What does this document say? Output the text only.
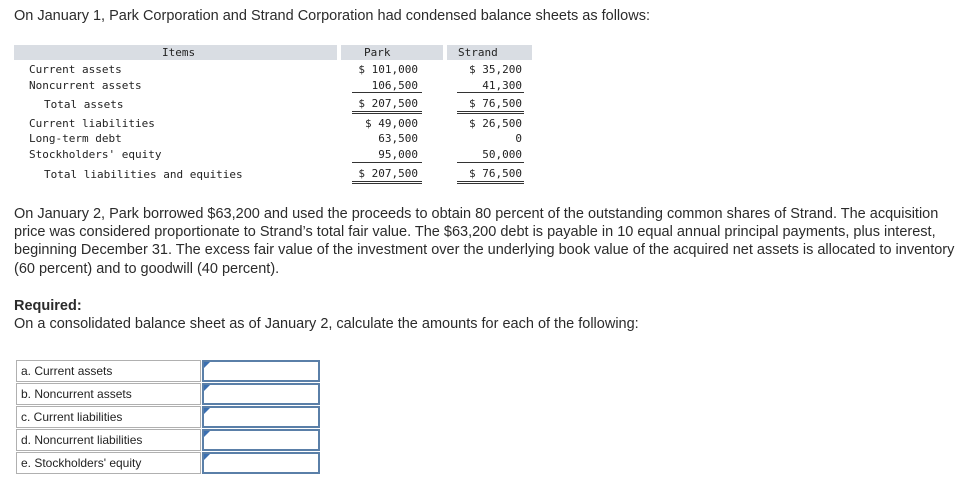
On January 1, Park Corporation and Strand Corporation had condensed balance sheets as follows:

Items	Park	Strand
Current assets	$ 101,000	$ 35,200
Noncurrent assets	106,500	41,300
Total assets	$ 207,500	$ 76,500
Current liabilities	$ 49,000	$ 26,500
Long-term debt	63,500	0
Stockholders' equity	95,000	50,000
Total liabilities and equities	$ 207,500	$ 76,500

On January 2, Park borrowed $63,200 and used the proceeds to obtain 80 percent of the outstanding common shares of Strand. The acquisition price was considered proportionate to Strand’s total fair value. The $63,200 debt is payable in 10 equal annual principal payments, plus interest, beginning December 31. The excess fair value of the investment over the underlying book value of the acquired net assets is allocated to inventory (60 percent) and to goodwill (40 percent).

Required:

On a consolidated balance sheet as of January 2, calculate the amounts for each of the following:

a. Current assets
b. Noncurrent assets
c. Current liabilities
d. Noncurrent liabilities
e. Stockholders' equity
